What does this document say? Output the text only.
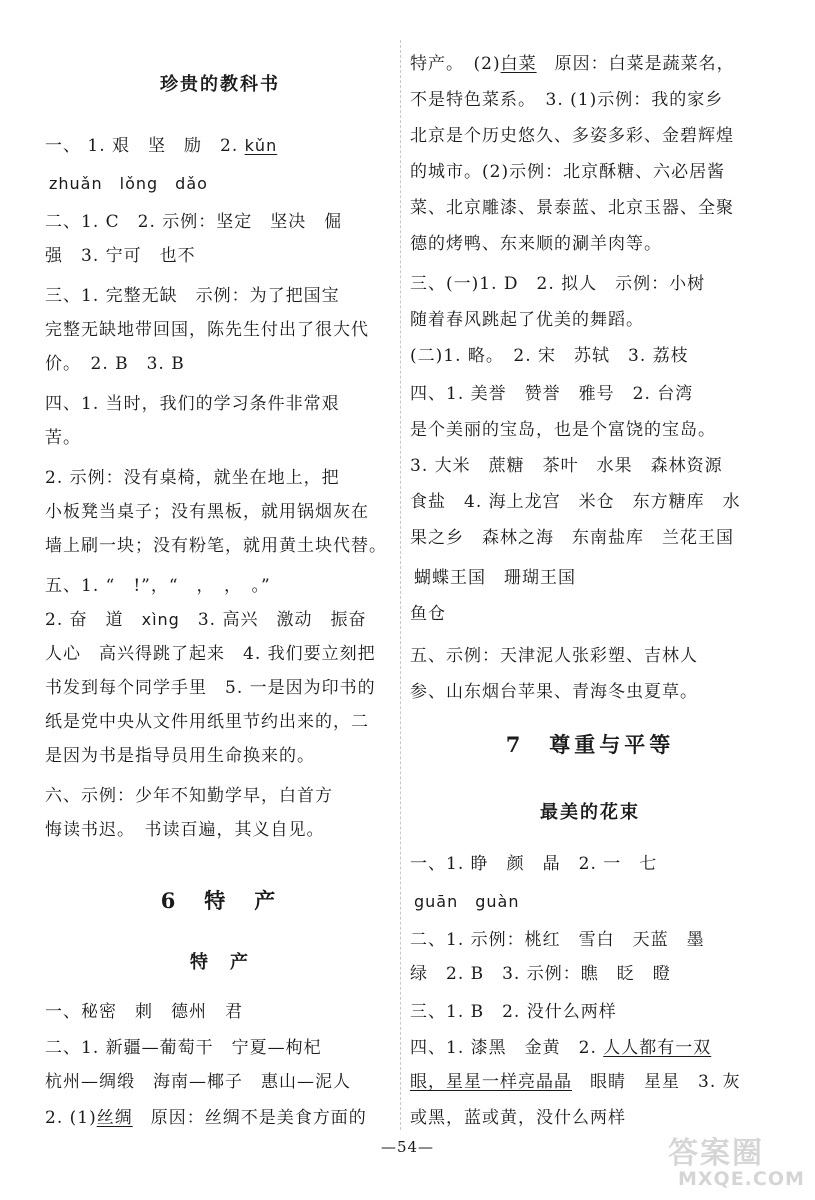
珍贵的教科书
一、 1. 艰　坚　励　2. kǔn
zhuǎn　lǒng　dǎo
二、1. C　2. 示例：坚定　坚决　倔
强　3. 宁可　也不
三、1. 完整无缺　示例：为了把国宝
完整无缺地带回国，陈先生付出了很大代
价。　2. B　3. B
四、1. 当时，我们的学习条件非常艰
苦。
2. 示例：没有桌椅，就坐在地上，把
小板凳当桌子；没有黑板，就用锅烟灰在
墙上刷一块；没有粉笔，就用黄土块代替。
五、1. “　!”，“　，　，　。”
2. 奋　道　xìng　3. 高兴　激动　振奋
人心　高兴得跳了起来　4. 我们要立刻把
书发到每个同学手里　5. 一是因为印书的
纸是党中央从文件用纸里节约出来的，二
是因为书是指导员用生命换来的。
六、示例：少年不知勤学早，白首方
悔读书迟。　书读百遍，其义自见。
6　特　产
特　产
一、秘密　刺　德州　君
二、1. 新疆—葡萄干　宁夏—枸杞
杭州—绸缎　海南—椰子　惠山—泥人
2. (1)丝绸　原因：丝绸不是美食方面的
特产。　(2)白菜　原因：白菜是蔬菜名，
不是特色菜系。　3. (1)示例：我的家乡
北京是个历史悠久、多姿多彩、金碧辉煌
的城市。(2)示例：北京酥糖、六必居酱
菜、北京雕漆、景泰蓝、北京玉器、全聚
德的烤鸭、东来顺的涮羊肉等。
三、(一)1. D　2. 拟人　示例：小树
随着春风跳起了优美的舞蹈。
(二)1. 略。　2. 宋　苏轼　3. 荔枝
四、1. 美誉　赞誉　雅号　2. 台湾
是个美丽的宝岛，也是个富饶的宝岛。
3. 大米　蔗糖　茶叶　水果　森林资源
食盐　4. 海上龙宫　米仓　东方糖库　水
果之乡　森林之海　东南盐库　兰花王国
蝴蝶王国　珊瑚王国
鱼仓
五、示例：天津泥人张彩塑、吉林人
参、山东烟台苹果、青海冬虫夏草。
7　尊重与平等
最美的花束
一、1. 睁　颜　晶　2. 一　七
guān　guàn
二、1. 示例：桃红　雪白　天蓝　墨
绿　2. B　3. 示例：瞧　眨　瞪
三、1. B　2. 没什么两样
四、1. 漆黑　金黄　2. 人人都有一双
眼，星星一样亮晶晶　眼睛　星星　3. 灰
或黑，蓝或黄，没什么两样
—54—	答案圈
MXQE.COM
